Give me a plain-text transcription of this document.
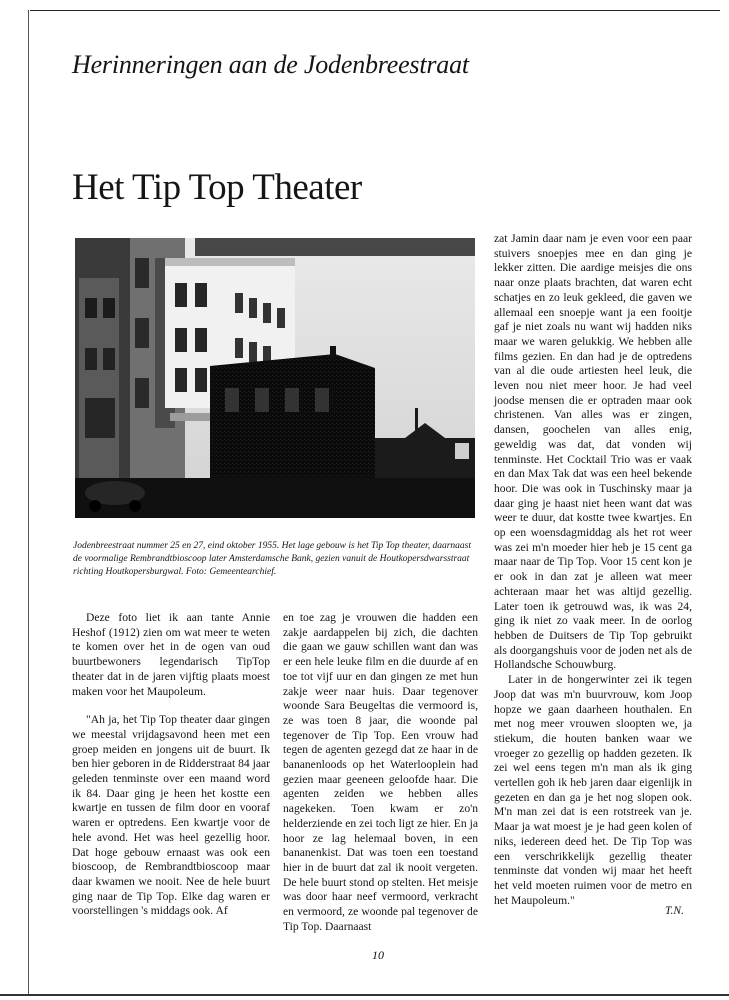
Herinneringen aan de Jodenbreestraat
Het Tip Top Theater

Jodenbreestraat nummer 25 en 27, eind oktober 1955. Het lage gebouw is het Tip Top theater, daarnaast de voormalige Rembrandtbioscoop later Amsterdamsche Bank, gezien vanuit de Houtkopersdwarsstraat richting Houtkopersburgwal. Foto: Gemeentearchief.

Deze foto liet ik aan tante Annie Heshof (1912) zien om wat meer te weten te komen over het in de ogen van oud buurtbewoners legendarisch TipTop theater dat in de jaren vijftig plaats moest maken voor het Maupoleum.

"Ah ja, het Tip Top theater daar gingen we meestal vrijdagsavond heen met een groep meiden en jongens uit de buurt. Ik ben hier geboren in de Ridderstraat 84 jaar geleden tenminste over een maand word ik 84. Daar ging je heen het kostte een kwartje en tussen de film door en vooraf waren er optredens. Een kwartje voor de hele avond. Het was heel gezellig hoor. Dat hoge gebouw ernaast was ook een bioscoop, de Rembrandtbioscoop maar daar kwamen we nooit. Nee de hele buurt ging naar de Tip Top. Elke dag waren er voorstellingen 's middags ook. Af

en toe zag je vrouwen die hadden een zakje aardappelen bij zich, die dachten die gaan we gauw schillen want dan was er een hele leuke film en die duurde af en toe tot vijf uur en dan gingen ze met hun zakje weer naar huis. Daar tegenover woonde Sara Beugeltas die vermoord is, ze was toen 8 jaar, die woonde pal tegenover de Tip Top. Een vrouw had tegen de agenten gezegd dat ze haar in de bananenloods op het Waterlooplein had gezien maar geeneen geloofde haar. Die agenten zeiden we hebben alles nagekeken. Toen kwam er zo'n helderziende en zei toch ligt ze hier. En ja hoor ze lag helemaal boven, in een bananenkist. Dat was toen een toestand hier in de buurt dat zal ik nooit vergeten. De hele buurt stond op stelten. Het meisje was door haar neef vermoord, verkracht en vermoord, ze woonde pal tegenover de Tip Top. Daarnaast

zat Jamin daar nam je even voor een paar stuivers snoepjes mee en dan ging je lekker zitten. Die aardige meisjes die ons naar onze plaats brachten, dat waren echt schatjes en zo leuk gekleed, die gaven we allemaal een snoepje want ja een fooitje gaf je niet zoals nu want wij hadden niks maar we waren gelukkig. We hebben alle films gezien. En dan had je de optredens van al die oude artiesten heel leuk, die leven nou niet meer hoor. Je had veel joodse mensen die er optraden maar ook christenen. Van alles was er zingen, dansen, goochelen van alles enig, geweldig was dat, dat vonden wij tenminste. Het Cocktail Trio was er vaak en dan Max Tak dat was een heel bekende hoor. Die was ook in Tuschinsky maar ja daar ging je haast niet heen want dat was weer te duur, dat kostte twee kwartjes. En op een woensdagmiddag als het rot weer was zei m'n moeder hier heb je 15 cent ga maar naar de Tip Top. Voor 15 cent kon je er ook in dan zat je alleen wat meer achteraan maar het was altijd gezellig. Later toen ik getrouwd was, ik was 24, ging ik niet zo vaak meer. In de oorlog hebben de Duitsers de Tip Top gebruikt als doorgangshuis voor de joden net als de Hollandsche Schouwburg.

Later in de hongerwinter zei ik tegen Joop dat was m'n buurvrouw, kom Joop hopze we gaan daarheen houthalen. En met nog meer vrouwen sloopten we, ja stiekum, die houten banken waar we vroeger zo gezellig op hadden gezeten. Ik zei wel eens tegen m'n man als ik ging vertellen goh ik heb jaren daar eigenlijk in gezeten en dan ga je het nog slopen ook. M'n man zei dat is een rotstreek van je. Maar ja wat moest je je had geen kolen of niks, iedereen deed het. De Tip Top was een verschrikkelijk gezellig theater tenminste dat vonden wij maar het heeft het veld moeten ruimen voor de metro en het Maupoleum."

T.N.
10
